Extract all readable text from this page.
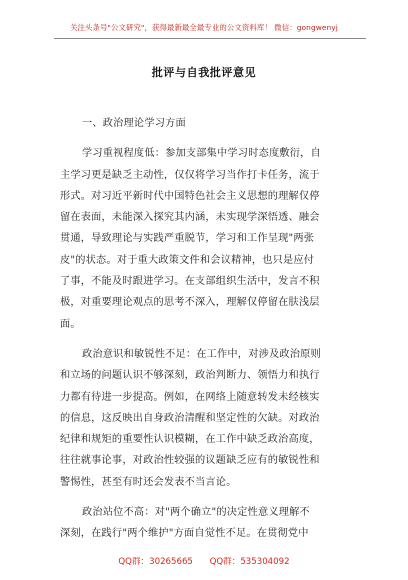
关注头条号"公文研究"，获得最新最全最专业的公文资料库！ 微信：gongwenyj
批评与自我批评意见

一、政治理论学习方面

学习重视程度低：参加支部集中学习时态度敷衍，自
主学习更是缺乏主动性，仅仅将学习当作打卡任务，流于
形式。对习近平新时代中国特色社会主义思想的理解仅停
留在表面，未能深入探究其内涵，未实现学深悟透、融会
贯通，导致理论与实践严重脱节，学习和工作呈现"两张
皮"的状态。对于重大政策文件和会议精神，也只是应付
了事，不能及时跟进学习。在支部组织生活中，发言不积
极，对重要理论观点的思考不深入，理解仅停留在肤浅层
面。

政治意识和敏锐性不足：在工作中，对涉及政治原则
和立场的问题认识不够深刻，政治判断力、领悟力和执行
力都有待进一步提高。例如，在网络上随意转发未经核实
的信息，这反映出自身政治清醒和坚定性的欠缺。对政治
纪律和规矩的重要性认识模糊，在工作中缺乏政治高度，
往往就事论事，对政治性较强的议题缺乏应有的敏锐性和
警惕性，甚至有时还会发表不当言论。

政治站位不高：对"两个确立"的决定性意义理解不
深刻，在践行"两个维护"方面自觉性不足。在贯彻党中

QQ群：30265665 QQ群：535304092
